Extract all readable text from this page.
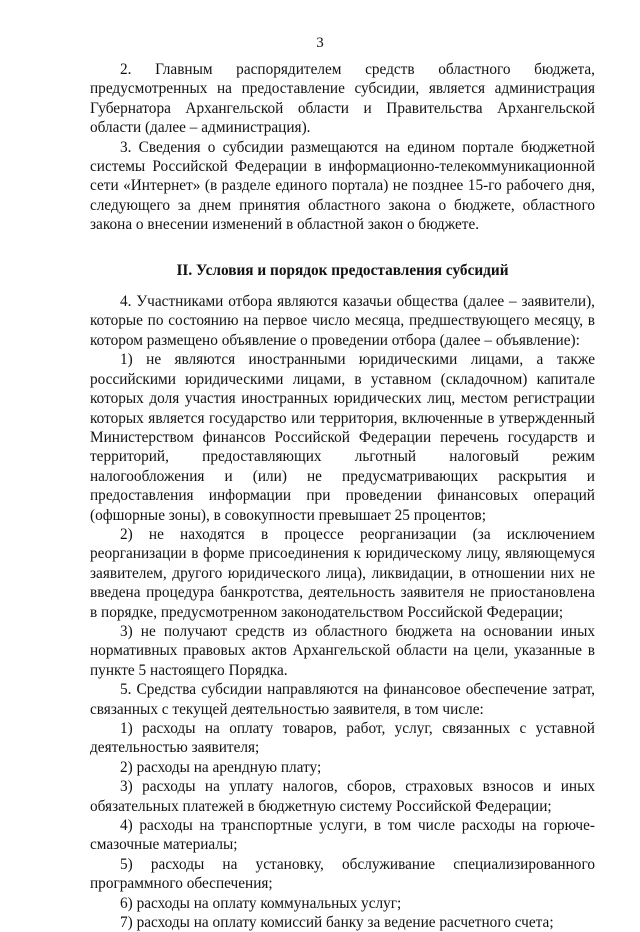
3

2. Главным распорядителем средств областного бюджета, предусмотренных на предоставление субсидии, является администрация Губернатора Архангельской области и Правительства Архангельской области (далее – администрация).

3. Сведения о субсидии размещаются на едином портале бюджетной системы Российской Федерации в информационно-телекоммуникационной сети «Интернет» (в разделе единого портала) не позднее 15-го рабочего дня, следующего за днем принятия областного закона о бюджете, областного закона о внесении изменений в областной закон о бюджете.

II. Условия и порядок предоставления субсидий

4. Участниками отбора являются казачьи общества (далее – заявители), которые по состоянию на первое число месяца, предшествующего месяцу, в котором размещено объявление о проведении отбора (далее – объявление):

1) не являются иностранными юридическими лицами, а также российскими юридическими лицами, в уставном (складочном) капитале которых доля участия иностранных юридических лиц, местом регистрации которых является государство или территория, включенные в утвержденный Министерством финансов Российской Федерации перечень государств и территорий, предоставляющих льготный налоговый режим налогообложения и (или) не предусматривающих раскрытия и предоставления информации при проведении финансовых операций (офшорные зоны), в совокупности превышает 25 процентов;

2) не находятся в процессе реорганизации (за исключением реорганизации в форме присоединения к юридическому лицу, являющемуся заявителем, другого юридического лица), ликвидации, в отношении них не введена процедура банкротства, деятельность заявителя не приостановлена в порядке, предусмотренном законодательством Российской Федерации;

3) не получают средств из областного бюджета на основании иных нормативных правовых актов Архангельской области на цели, указанные в пункте 5 настоящего Порядка.

5. Средства субсидии направляются на финансовое обеспечение затрат, связанных с текущей деятельностью заявителя, в том числе:

1) расходы на оплату товаров, работ, услуг, связанных с уставной деятельностью заявителя;

2) расходы на арендную плату;

3) расходы на уплату налогов, сборов, страховых взносов и иных обязательных платежей в бюджетную систему Российской Федерации;

4) расходы на транспортные услуги, в том числе расходы на горюче-смазочные материалы;

5) расходы на установку, обслуживание специализированного программного обеспечения;

6) расходы на оплату коммунальных услуг;

7) расходы на оплату комиссий банку за ведение расчетного счета;
